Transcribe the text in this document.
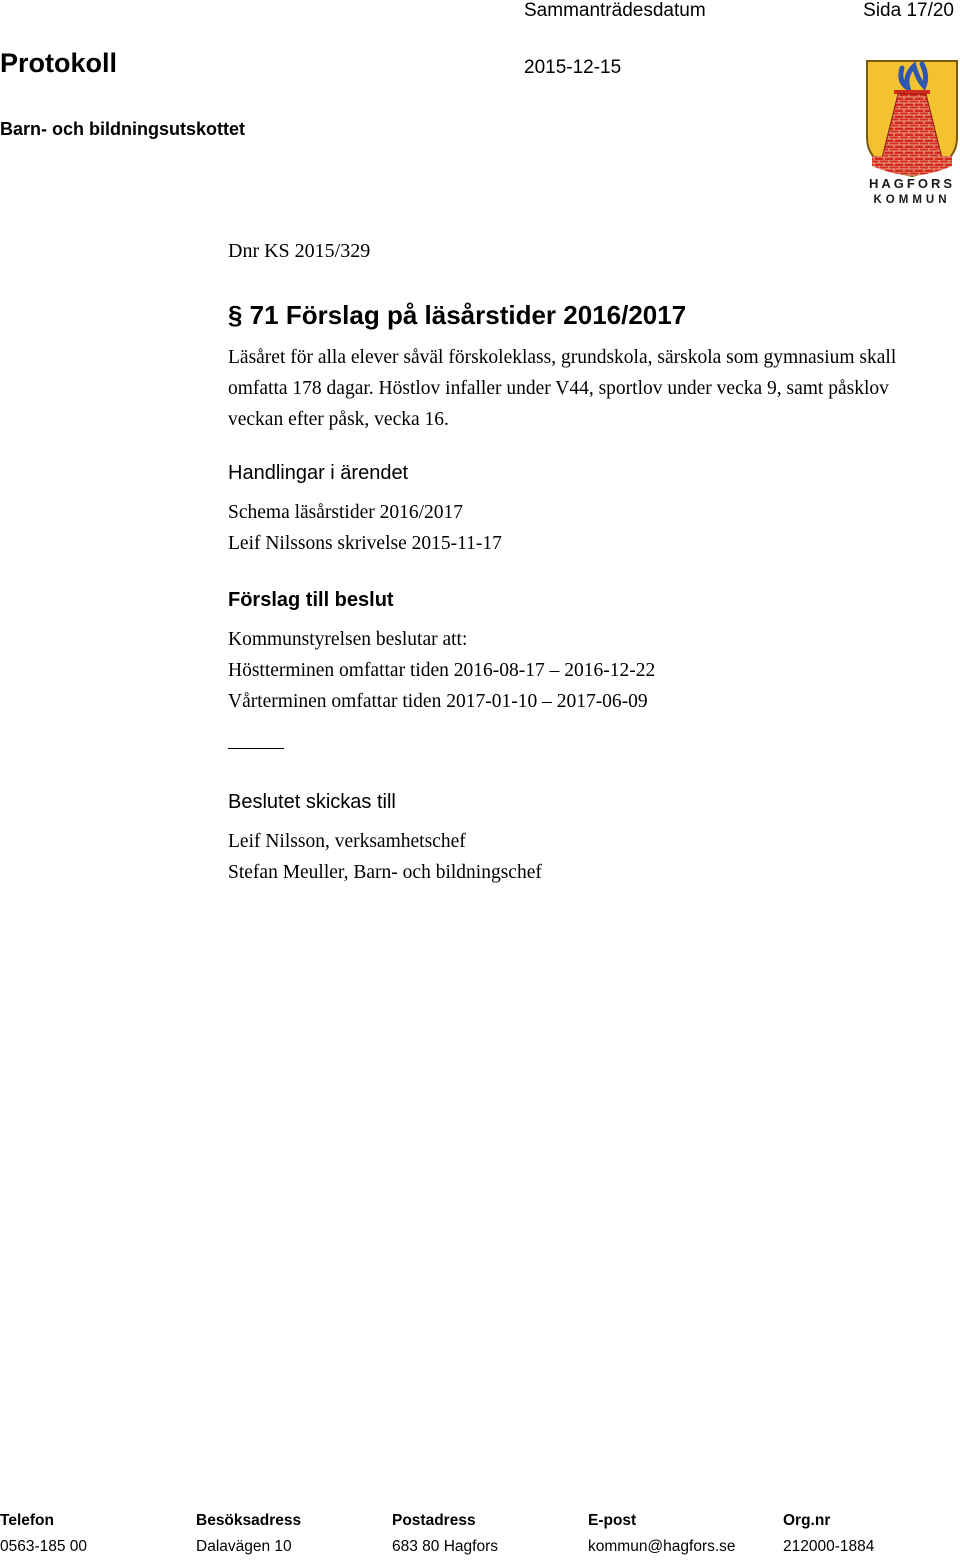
Sammanträdesdatum	Sida 17/20
Protokoll	2015-12-15
Barn- och bildningsutskottet
HAGFORS
KOMMUN
Dnr KS 2015/329
§ 71 Förslag på läsårstider 2016/2017
Läsåret för alla elever såväl förskoleklass, grundskola, särskola som gymnasium skall omfatta 178 dagar. Höstlov infaller under V44, sportlov under vecka 9, samt påsklov veckan efter påsk, vecka 16.
Handlingar i ärendet
Schema läsårstider 2016/2017
Leif Nilssons skrivelse 2015-11-17
Förslag till beslut
Kommunstyrelsen beslutar att:
Höstterminen omfattar tiden 2016-08-17 – 2016-12-22
Vårterminen omfattar tiden 2017-01-10 – 2017-06-09
Beslutet skickas till
Leif Nilsson, verksamhetschef
Stefan Meuller, Barn- och bildningschef
Telefon	Besöksadress	Postadress	E-post	Org.nr
0563-185 00	Dalavägen 10	683 80 Hagfors	kommun@hagfors.se	212000-1884
